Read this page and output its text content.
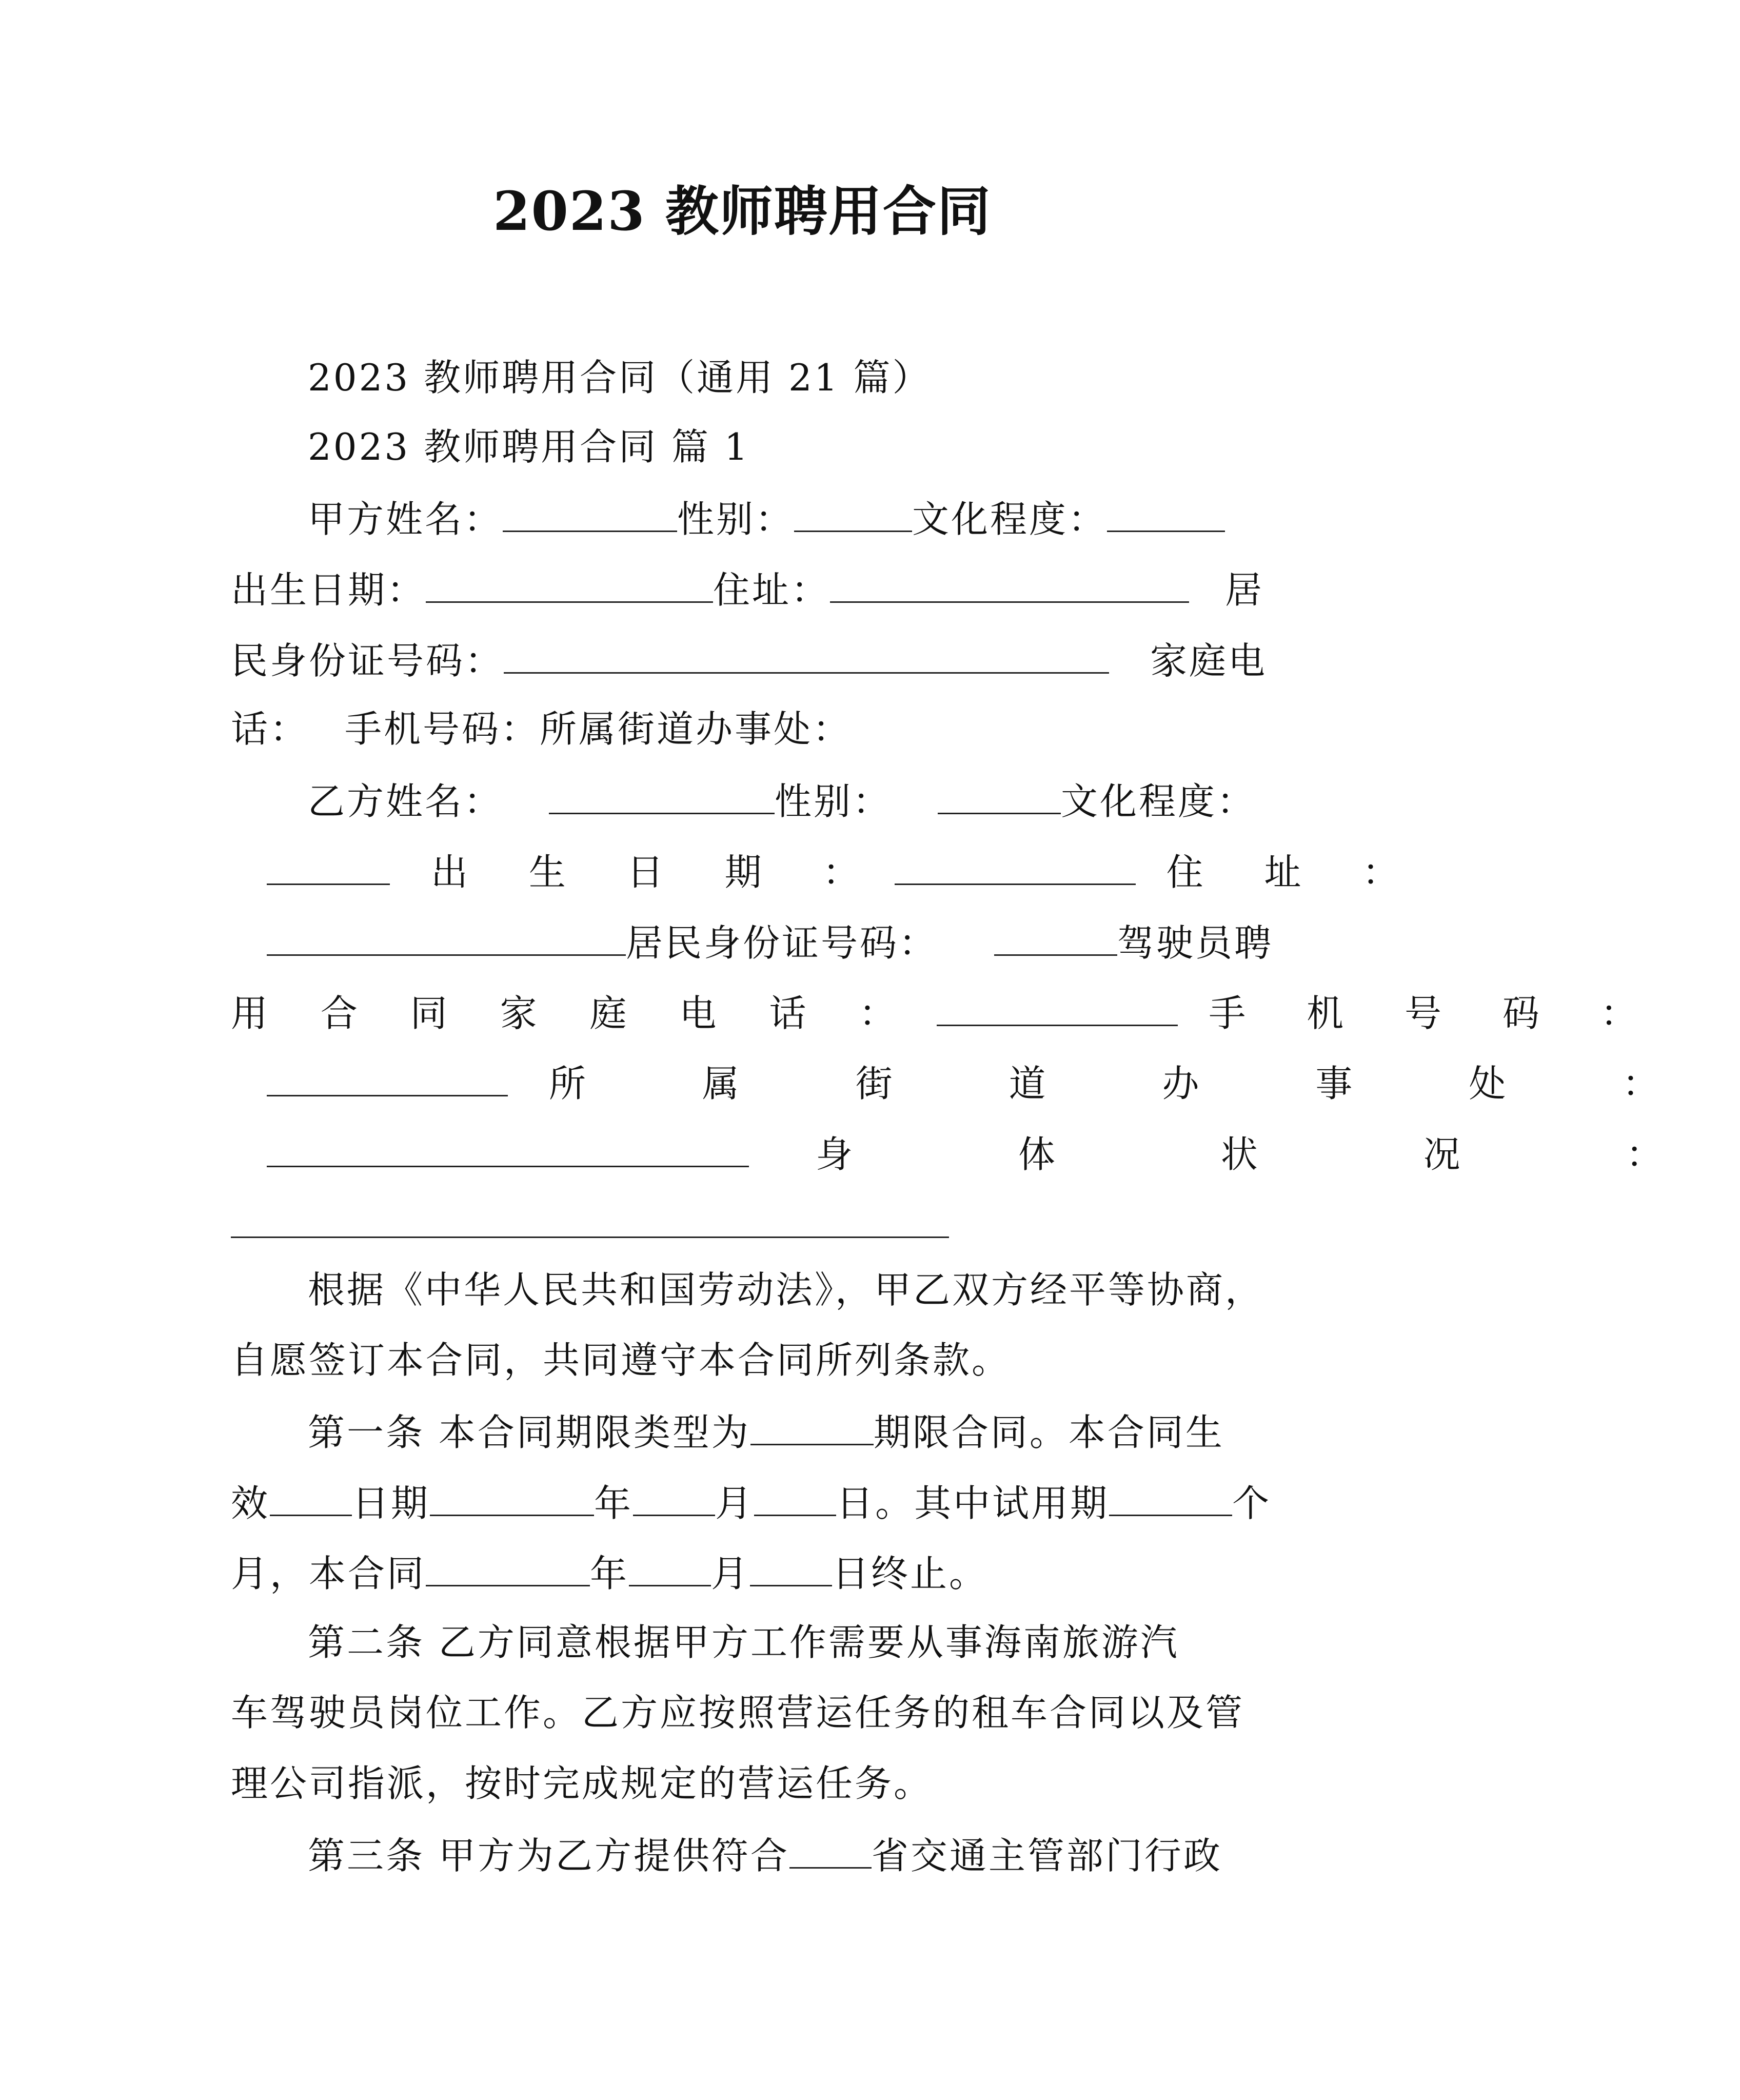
2023 教师聘用合同
2023 教师聘用合同（通用 21 篇）
2023 教师聘用合同 篇 1
甲方姓名：	性别：	文化程度：
出生日期：	住址：	居
民身份证号码：	家庭电
话： 手机号码：所属街道办事处：
乙方姓名：	性别：	文化程度：
出 生 日 期 ：	住 址 ：
居民身份证号码：	驾驶员聘
用 合 同 家 庭 电 话 ：	手 机 号 码 ：
所 属 街 道 办 事 处 ：
身 体 状 况 ：
根据《中华人民共和国劳动法》，甲乙双方经平等协商，
自愿签订本合同，共同遵守本合同所列条款。
第一条 本合同期限类型为	期限合同。本合同生
效 日期	年 月 日。其中试用期	个
月，本合同	年 月 日终止。
第二条 乙方同意根据甲方工作需要从事海南旅游汽
车驾驶员岗位工作。乙方应按照营运任务的租车合同以及管
理公司指派，按时完成规定的营运任务。
第三条 甲方为乙方提供符合 省交通主管部门行政
